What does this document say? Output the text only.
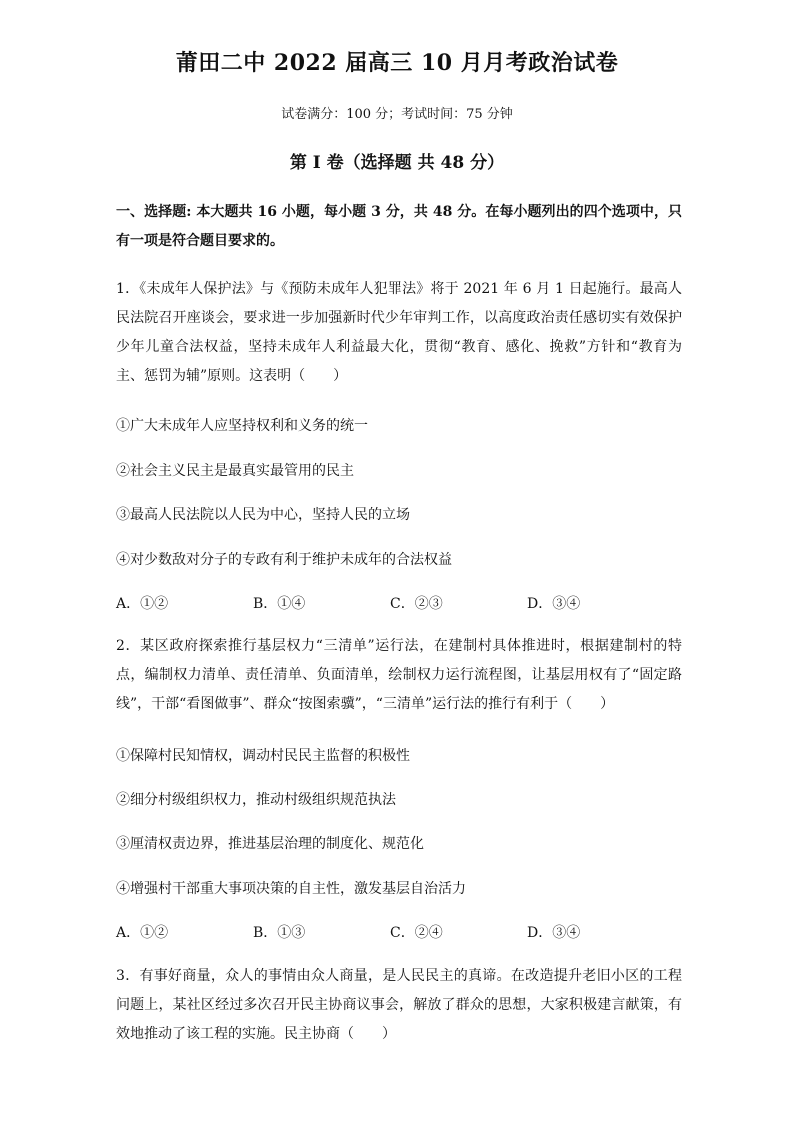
莆田二中 2022 届高三 10 月月考政治试卷
试卷满分：100 分；考试时间：75 分钟
第 I 卷（选择题 共 48 分）
一、选择题: 本大题共 16 小题，每小题 3 分，共 48 分。在每小题列出的四个选项中，只有一项是符合题目要求的。
1．《未成年人保护法》与《预防未成年人犯罪法》将于 2021 年 6 月 1 日起施行。最高人民法院召开座谈会，要求进一步加强新时代少年审判工作，以高度政治责任感切实有效保护少年儿童合法权益，坚持未成年人利益最大化，贯彻“教育、感化、挽救”方针和“教育为主、惩罚为辅”原则。这表明（　　）
①广大未成年人应坚持权利和义务的统一
②社会主义民主是最真实最管用的民主
③最高人民法院以人民为中心，坚持人民的立场
④对少数敌对分子的专政有利于维护未成年的合法权益
A．①②	B．①④	C．②③	D．③④
2．某区政府探索推行基层权力“三清单”运行法，在建制村具体推进时，根据建制村的特点，编制权力清单、责任清单、负面清单，绘制权力运行流程图，让基层用权有了“固定路线”，干部“看图做事”、群众“按图索骥”，“三清单”运行法的推行有利于（　　）
①保障村民知情权，调动村民民主监督的积极性
②细分村级组织权力，推动村级组织规范执法
③厘清权责边界，推进基层治理的制度化、规范化
④增强村干部重大事项决策的自主性，激发基层自治活力
A．①②	B．①③	C．②④	D．③④
3．有事好商量，众人的事情由众人商量，是人民民主的真谛。在改造提升老旧小区的工程问题上，某社区经过多次召开民主协商议事会，解放了群众的思想，大家积极建言献策，有效地推动了该工程的实施。民主协商（　　）
